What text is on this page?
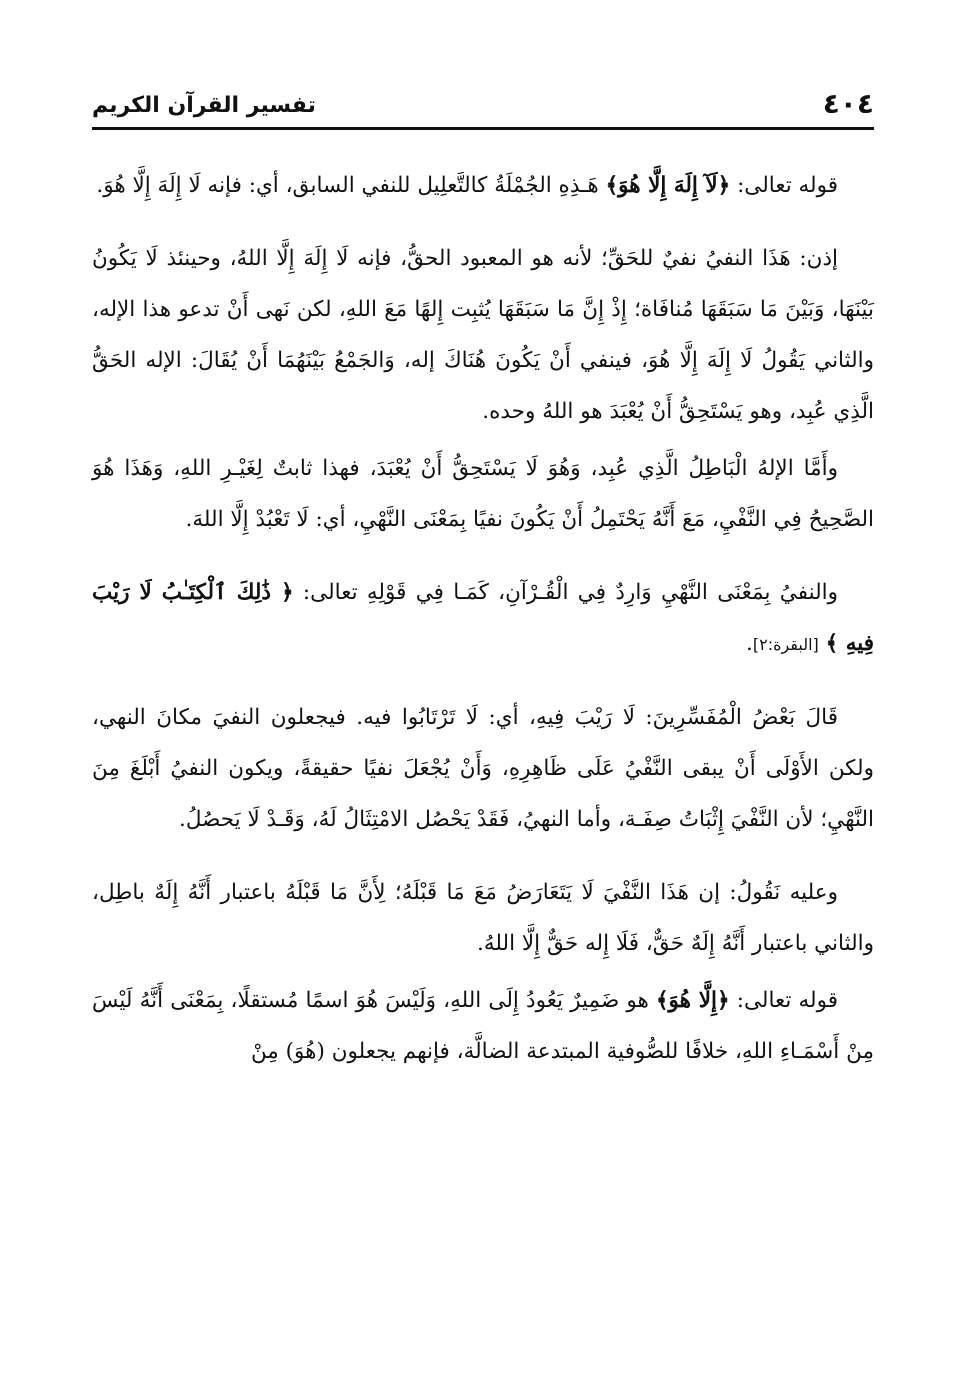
٤٠٤
تفسير القرآن الكريم

قوله تعالى: ﴿لَآ إِلَهَ إِلَّا هُوَ﴾ هَـذِهِ الجُمْلَةُ كالتَّعلِيل للنفي السابق، أي: فإنه لَا إِلَهَ إِلَّا هُوَ.

إذن: هَذَا النفيُ نفيٌ للحَقِّ؛ لأنه هو المعبود الحقُّ، فإنه لَا إِلَهَ إِلَّا اللهُ، وحينئذ لَا يَكُونُ بَيْنَهَا، وَبَيْنَ مَا سَبَقَهَا مُنافَاة؛ إِذْ إِنَّ مَا سَبَقَهَا يُثبِت إِلهًا مَعَ اللهِ، لكن نَهى أَنْ تدعو هذا الإله، والثاني يَقُولُ لَا إِلَهَ إِلَّا هُوَ، فينفي أَنْ يَكُونَ هُنَاكَ إله، وَالجَمْعُ بَيْنَهُمَا أَنْ يُقَالَ: الإله الحَقُّ الَّذِي عُبِد، وهو يَسْتَحِقُّ أَنْ يُعْبَدَ هو اللهُ وحده.

وأَمَّا الإلهُ الْبَاطِلُ الَّذِي عُبِد، وَهُوَ لَا يَسْتَحِقُّ أَنْ يُعْبَدَ، فهذا ثابتٌ لِغَيْـرِ اللهِ، وَهَذَا هُوَ الصَّحِيحُ فِي النَّفْيِ، مَعَ أَنَّهُ يَحْتَمِلُ أَنْ يَكُونَ نفيًا بِمَعْنَى النَّهْيِ، أي: لَا تَعْبُدْ إِلَّا اللهَ.

والنفيُ بِمَعْنَى النَّهْيِ وَارِدٌ فِي الْقُـرْآنِ، كَمَـا فِي قَوْلِهِ تعالى: ﴿ ذَٰلِكَ ٱلْكِتَـٰبُ لَا رَيْبَ فِيهِ ﴾ [البقرة:٢].

قَالَ بَعْضُ الْمُفَسِّرِينَ: لَا رَيْبَ فِيهِ، أي: لَا تَرْتَابُوا فيه. فيجعلون النفيَ مكانَ النهي، ولكن الأَوْلَى أَنْ يبقى النَّفْيُ عَلَى ظَاهِرِهِ، وَأَنْ يُجْعَلَ نفيًا حقيقةً، ويكون النفيُ أَبْلَغَ مِنَ النَّهْيِ؛ لأن النَّفْيَ إِثْبَاتُ صِفَـة، وأما النهيُ، فَقَدْ يَحْصُل الامْتِثَالُ لَهُ، وَقَـدْ لَا يَحصُلُ.

وعليه نَقُولُ: إن هَذَا النَّفْيَ لَا يَتَعَارَضُ مَعَ مَا قَبْلَهُ؛ لِأَنَّ مَا قَبْلَهُ باعتبار أَنَّهُ إِلَهٌ باطِل، والثاني باعتبار أَنَّهُ إِلَهٌ حَقٌّ، فَلَا إِله حَقٌّ إِلَّا اللهُ.

قوله تعالى: ﴿إِلَّا هُوَ﴾ هو ضَمِيرٌ يَعُودُ إِلَى اللهِ، وَلَيْسَ هُوَ اسمًا مُستقلًا، بِمَعْنَى أَنَّهُ لَيْسَ مِنْ أَسْمَـاءِ اللهِ، خلافًا للصُّوفية المبتدعة الضالَّة، فإنهم يجعلون (هُوَ) مِنْ
